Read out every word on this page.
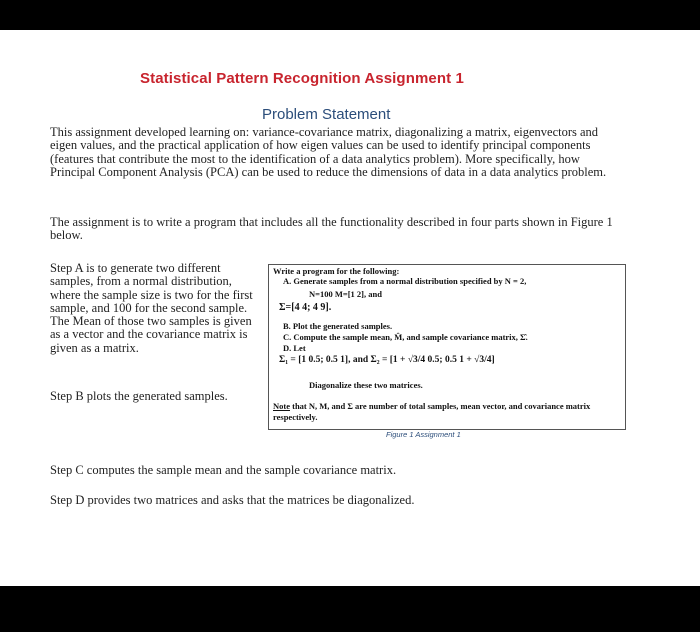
Statistical Pattern Recognition Assignment 1
Problem Statement
This assignment developed learning on: variance-covariance matrix, diagonalizing a matrix, eigenvectors and eigen values, and the practical application of how eigen values can be used to identify principal components (features that contribute the most to the identification of a data analytics problem). More specifically, how Principal Component Analysis (PCA) can be used to reduce the dimensions of data in a data analytics problem.
The assignment is to write a program that includes all the functionality described in four parts shown in Figure 1 below.
Step A is to generate two different samples, from a normal distribution, where the sample size is two for the first sample, and 100 for the second sample. The Mean of those two samples is given as a vector and the covariance matrix is given as a matrix.
Step B plots the generated samples.
Write a program for the following:
A. Generate samples from a normal distribution specified by N = 2,
N=100 M=[1 2], and
Σ=[4 4; 4 9].
B. Plot the generated samples.
C. Compute the sample mean, M̂, and sample covariance matrix, Σ̂.
D. Let
Σ₁ = [1 0.5; 0.5 1], and Σ₂ = [1 + √3/4 0.5; 0.5 1 + √3/4]
Diagonalize these two matrices.
Note that N, M, and Σ are number of total samples, mean vector, and covariance matrix respectively.
Figure 1 Assignment 1
Step C computes the sample mean and the sample covariance matrix.
Step D provides two matrices and asks that the matrices be diagonalized.
